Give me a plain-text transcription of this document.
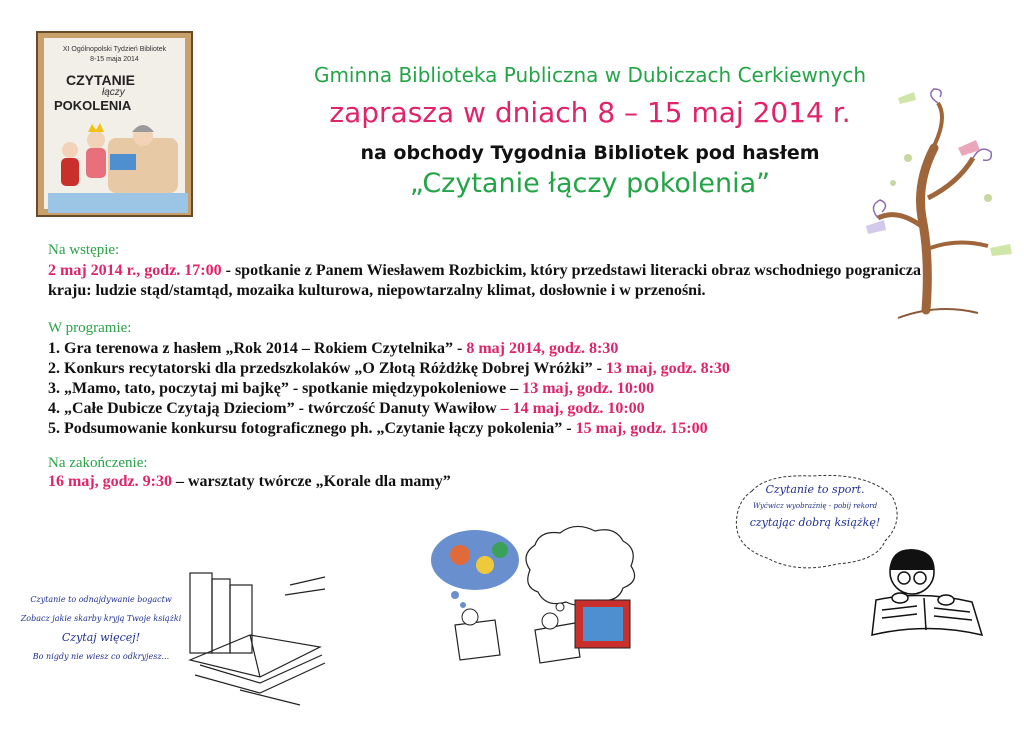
XI Ogólnopolski Tydzień Bibliotek
8-15 maja 2014
CZYTANIE
łączy
POKOLENIA
Gminna Biblioteka Publiczna w Dubiczach Cerkiewnych
zaprasza w dniach 8 – 15 maj 2014 r.
na obchody Tygodnia Bibliotek pod hasłem
„Czytanie łączy pokolenia”
Na wstępie:
2 maj 2014 r., godz. 17:00 - spotkanie z Panem Wiesławem Rozbickim, który przedstawi literacki obraz wschodniego pogranicza kraju: ludzie stąd/stamtąd, mozaika kulturowa, niepowtarzalny klimat, dosłownie i w przenośni.
W programie:
1. Gra terenowa z hasłem „Rok 2014 – Rokiem Czytelnika” - 8 maj 2014, godz. 8:30
2. Konkurs recytatorski dla przedszkolaków „O Złotą Różdżkę Dobrej Wróżki” - 13 maj, godz. 8:30
3. „Mamo, tato, poczytaj mi bajkę” - spotkanie międzypokoleniowe – 13 maj, godz. 10:00
4. „Całe Dubicze Czytają Dzieciom” - twórczość Danuty Wawiłow – 14 maj, godz. 10:00
5. Podsumowanie konkursu fotograficznego ph. „Czytanie łączy pokolenia” - 15 maj, godz. 15:00
Na zakończenie:
16 maj, godz. 9:30 – warsztaty twórcze „Korale dla mamy”
Czytanie to odnajdywanie bogactw
Zobacz jakie skarby kryją Twoje książki
Czytaj więcej!
Bo nigdy nie wiesz co odkryjesz...
Czytanie to sport.
Wyćwicz wyobraźnię - pobij rekord
czytając dobrą książkę!
